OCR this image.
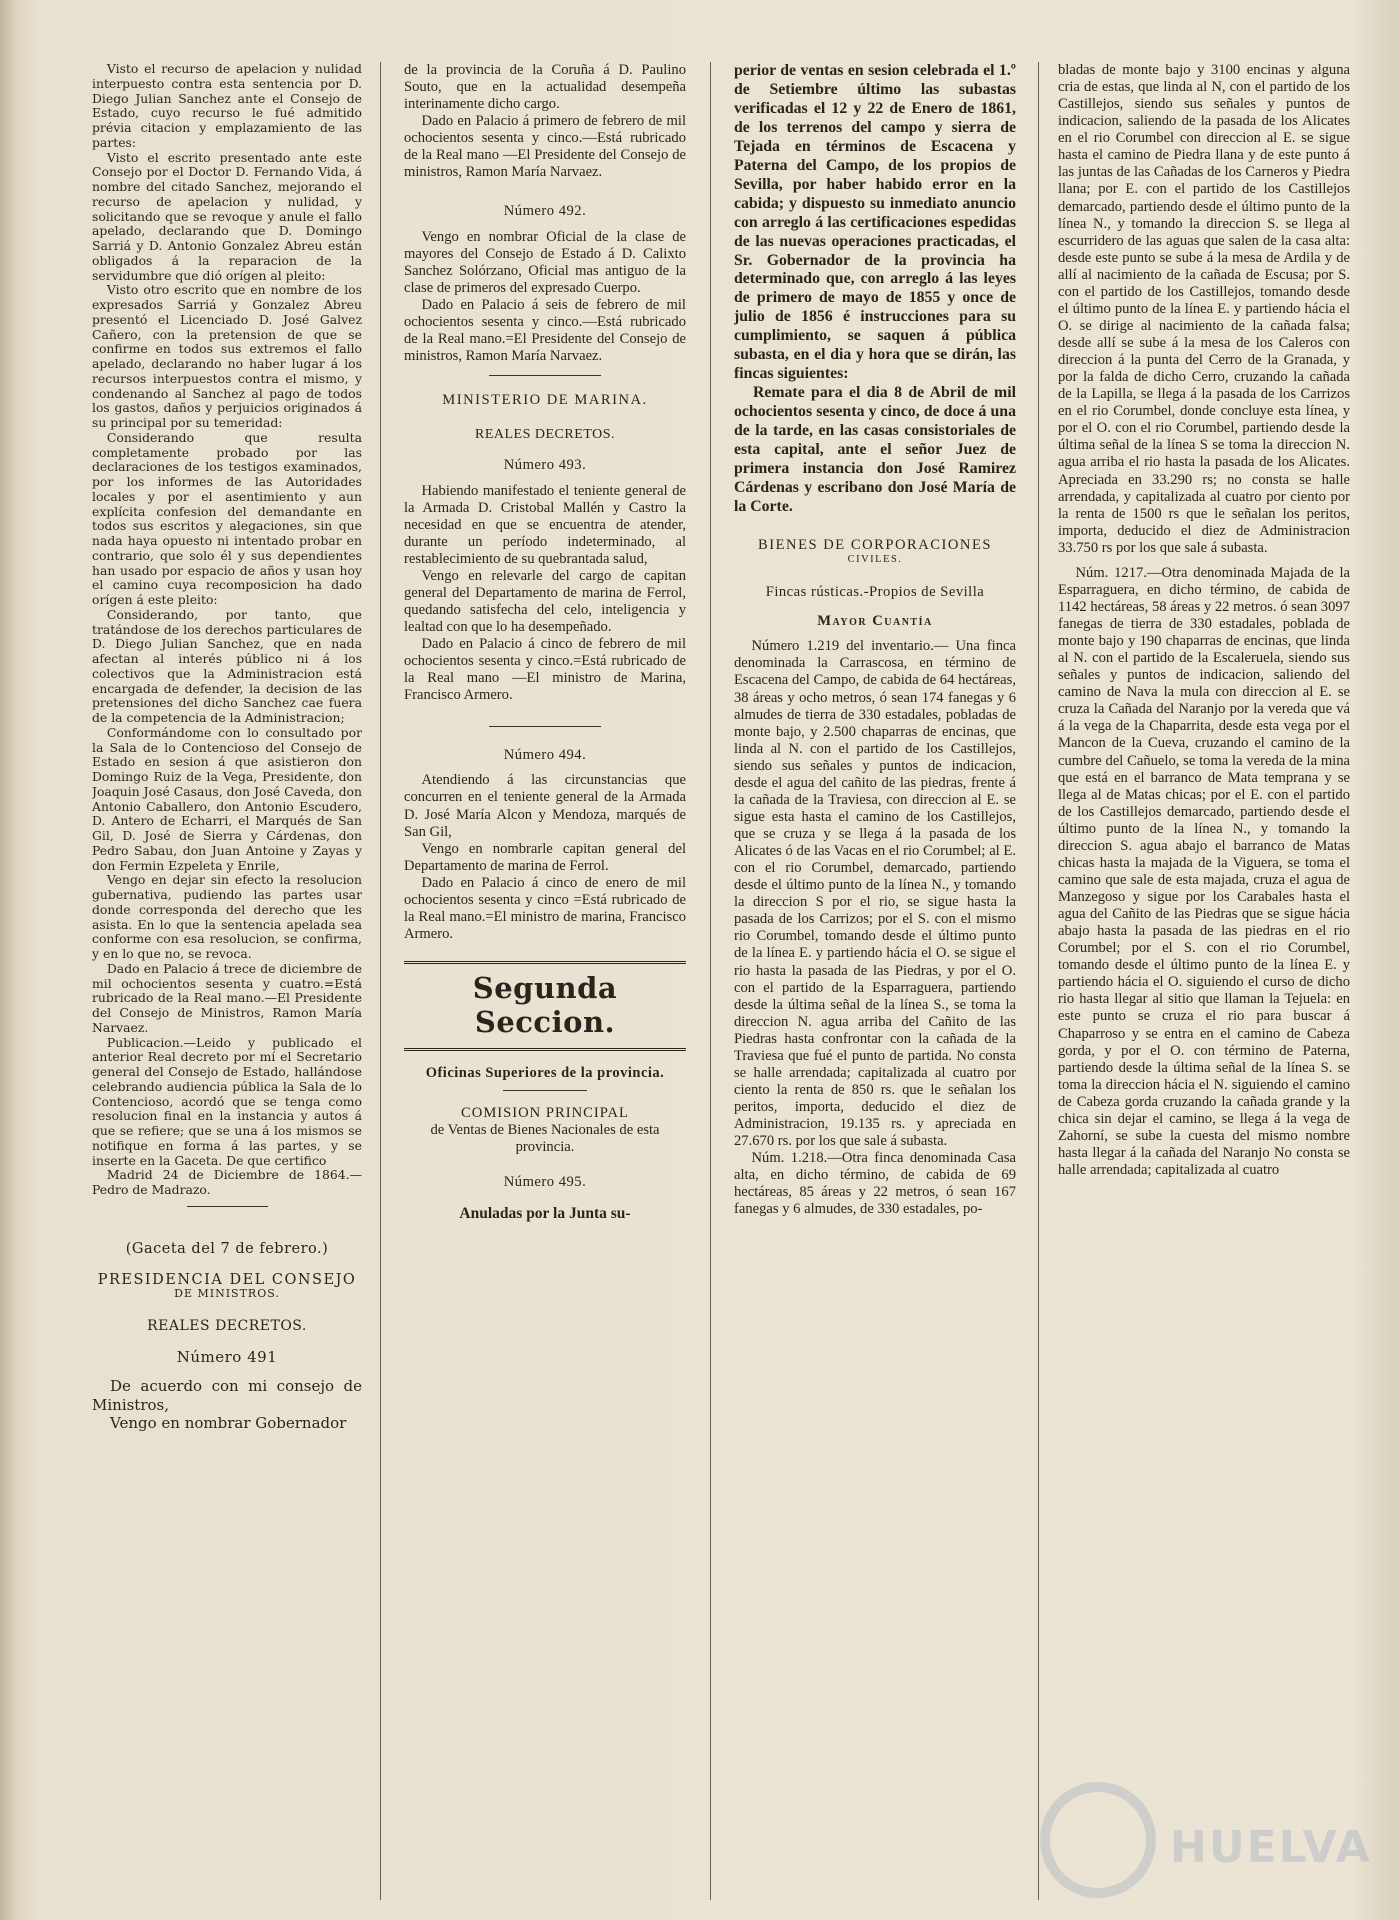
Visto el recurso de apelacion y nulidad interpuesto contra esta sentencia por D. Diego Julian Sanchez ante el Consejo de Estado, cuyo recurso le fué admitido prévia citacion y emplazamiento de las partes:

Visto el escrito presentado ante este Consejo por el Doctor D. Fernando Vida, á nombre del citado Sanchez, mejorando el recurso de apelacion y nulidad, y solicitando que se revoque y anule el fallo apelado, declarando que D. Domingo Sarriá y D. Antonio Gonzalez Abreu están obligados á la reparacion de la servidumbre que dió orígen al pleito:

Visto otro escrito que en nombre de los expresados Sarriá y Gonzalez Abreu presentó el Licenciado D. José Galvez Cañero, con la pretension de que se confirme en todos sus extremos el fallo apelado, declarando no haber lugar á los recursos interpuestos contra el mismo, y condenando al Sanchez al pago de todos los gastos, daños y perjuicios originados á su principal por su temeridad:

Considerando que resulta completamente probado por las declaraciones de los testigos examinados, por los informes de las Autoridades locales y por el asentimiento y aun explícita confesion del demandante en todos sus escritos y alegaciones, sin que nada haya opuesto ni intentado probar en contrario, que solo él y sus dependientes han usado por espacio de años y usan hoy el camino cuya recomposicion ha dado orígen á este pleito:

Considerando, por tanto, que tratándose de los derechos particulares de D. Diego Julian Sanchez, que en nada afectan al interés público ni á los colectivos que la Administracion está encargada de defender, la decision de las pretensiones del dicho Sanchez cae fuera de la competencia de la Administracion;

Conformándome con lo consultado por la Sala de lo Contencioso del Consejo de Estado en sesion á que asistieron don Domingo Ruiz de la Vega, Presidente, don Joaquin José Casaus, don José Caveda, don Antonio Caballero, don Antonio Escudero, D. Antero de Echarri, el Marqués de San Gil, D. José de Sierra y Cárdenas, don Pedro Sabau, don Juan Antoine y Zayas y don Fermin Ezpeleta y Enrile,

Vengo en dejar sin efecto la resolucion gubernativa, pudiendo las partes usar donde corresponda del derecho que les asista. En lo que la sentencia apelada sea conforme con esa resolucion, se confirma, y en lo que no, se revoca.

Dado en Palacio á trece de diciembre de mil ochocientos sesenta y cuatro.=Está rubricado de la Real mano.—El Presidente del Consejo de Ministros, Ramon María Narvaez.

Publicacion.—Leido y publicado el anterior Real decreto por mí el Secretario general del Consejo de Estado, hallándose celebrando audiencia pública la Sala de lo Contencioso, acordó que se tenga como resolucion final en la instancia y autos á que se refiere; que se una á los mismos se notifique en forma á las partes, y se inserte en la Gaceta. De que certifico

Madrid 24 de Diciembre de 1864.— Pedro de Madrazo.

(Gaceta del 7 de febrero.)

PRESIDENCIA DEL CONSEJO

DE MINISTROS.

REALES DECRETOS.

Número 491

De acuerdo con mi consejo de Ministros,

Vengo en nombrar Gobernador

de la provincia de la Coruña á D. Paulino Souto, que en la actualidad desempeña interinamente dicho cargo.

Dado en Palacio á primero de febrero de mil ochocientos sesenta y cinco.—Está rubricado de la Real mano —El Presidente del Consejo de ministros, Ramon María Narvaez.

Número 492.

Vengo en nombrar Oficial de la clase de mayores del Consejo de Estado á D. Calixto Sanchez Solórzano, Oficial mas antiguo de la clase de primeros del expresado Cuerpo.

Dado en Palacio á seis de febrero de mil ochocientos sesenta y cinco.—Está rubricado de la Real mano.=El Presidente del Consejo de ministros, Ramon María Narvaez.

MINISTERIO DE MARINA.

REALES DECRETOS.

Número 493.

Habiendo manifestado el teniente general de la Armada D. Cristobal Mallén y Castro la necesidad en que se encuentra de atender, durante un período indeterminado, al restablecimiento de su quebrantada salud,

Vengo en relevarle del cargo de capitan general del Departamento de marina de Ferrol, quedando satisfecha del celo, inteligencia y lealtad con que lo ha desempeñado.

Dado en Palacio á cinco de febrero de mil ochocientos sesenta y cinco.=Está rubricado de la Real mano —El ministro de Marina, Francisco Armero.

Número 494.

Atendiendo á las circunstancias que concurren en el teniente general de la Armada D. José María Alcon y Mendoza, marqués de San Gil,

Vengo en nombrarle capitan general del Departamento de marina de Ferrol.

Dado en Palacio á cinco de enero de mil ochocientos sesenta y cinco =Está rubricado de la Real mano.=El ministro de marina, Francisco Armero.

Segunda Seccion.

Oficinas Superiores de la provincia.

COMISION PRINCIPAL

de Ventas de Bienes Nacionales de esta provincia.

Número 495.

Anuladas por la Junta su-

perior de ventas en sesion celebrada el 1.º de Setiembre último las subastas verificadas el 12 y 22 de Enero de 1861, de los terrenos del campo y sierra de Tejada en términos de Escacena y Paterna del Campo, de los propios de Sevilla, por haber habido error en la cabida; y dispuesto su inmediato anuncio con arreglo á las certificaciones espedidas de las nuevas operaciones practicadas, el Sr. Gobernador de la provincia ha determinado que, con arreglo á las leyes de primero de mayo de 1855 y once de julio de 1856 é instrucciones para su cumplimiento, se saquen á pública subasta, en el dia y hora que se dirán, las fincas siguientes:

Remate para el dia 8 de Abril de mil ochocientos sesenta y cinco, de doce á una de la tarde, en las casas consistoriales de esta capital, ante el señor Juez de primera instancia don José Ramirez Cárdenas y escribano don José María de la Corte.

BIENES DE CORPORACIONES

CIVILES.

Fincas rústicas.-Propios de Sevilla

Mayor Cuantía

Número 1.219 del inventario.— Una finca denominada la Carrascosa, en término de Escacena del Campo, de cabida de 64 hectáreas, 38 áreas y ocho metros, ó sean 174 fanegas y 6 almudes de tierra de 330 estadales, pobladas de monte bajo, y 2.500 chaparras de encinas, que linda al N. con el partido de los Castillejos, siendo sus señales y puntos de indicacion, desde el agua del cañito de las piedras, frente á la cañada de la Traviesa, con direccion al E. se sigue esta hasta el camino de los Castillejos, que se cruza y se llega á la pasada de los Alicates ó de las Vacas en el rio Corumbel; al E. con el rio Corumbel, demarcado, partiendo desde el último punto de la línea N., y tomando la direccion S por el rio, se sigue hasta la pasada de los Carrizos; por el S. con el mismo rio Corumbel, tomando desde el último punto de la línea E. y partiendo hácia el O. se sigue el rio hasta la pasada de las Piedras, y por el O. con el partido de la Esparraguera, partiendo desde la última señal de la línea S., se toma la direccion N. agua arriba del Cañito de las Piedras hasta confrontar con la cañada de la Traviesa que fué el punto de partida. No consta se halle arrendada; capitalizada al cuatro por ciento la renta de 850 rs. que le señalan los peritos, importa, deducido el diez de Administracion, 19.135 rs. y apreciada en 27.670 rs. por los que sale á subasta.

Núm. 1.218.—Otra finca denominada Casa alta, en dicho término, de cabida de 69 hectáreas, 85 áreas y 22 metros, ó sean 167 fanegas y 6 almudes, de 330 estadales, po-

bladas de monte bajo y 3100 encinas y alguna cria de estas, que linda al N, con el partido de los Castillejos, siendo sus señales y puntos de indicacion, saliendo de la pasada de los Alicates en el rio Corumbel con direccion al E. se sigue hasta el camino de Piedra llana y de este punto á las juntas de las Cañadas de los Carneros y Piedra llana; por E. con el partido de los Castillejos demarcado, partiendo desde el último punto de la línea N., y tomando la direccion S. se llega al escurridero de las aguas que salen de la casa alta: desde este punto se sube á la mesa de Ardila y de allí al nacimiento de la cañada de Escusa; por S. con el partido de los Castillejos, tomando desde el último punto de la línea E. y partiendo hácia el O. se dirige al nacimiento de la cañada falsa; desde allí se sube á la mesa de los Caleros con direccion á la punta del Cerro de la Granada, y por la falda de dicho Cerro, cruzando la cañada de la Lapilla, se llega á la pasada de los Carrizos en el rio Corumbel, donde concluye esta línea, y por el O. con el rio Corumbel, partiendo desde la última señal de la línea S se toma la direccion N. agua arriba el rio hasta la pasada de los Alicates. Apreciada en 33.290 rs; no consta se halle arrendada, y capitalizada al cuatro por ciento por la renta de 1500 rs que le señalan los peritos, importa, deducido el diez de Administracion 33.750 rs por los que sale á subasta.

Núm. 1217.—Otra denominada Majada de la Esparraguera, en dicho término, de cabida de 1142 hectáreas, 58 áreas y 22 metros. ó sean 3097 fanegas de tierra de 330 estadales, poblada de monte bajo y 190 chaparras de encinas, que linda al N. con el partido de la Escaleruela, siendo sus señales y puntos de indicacion, saliendo del camino de Nava la mula con direccion al E. se cruza la Cañada del Naranjo por la vereda que vá á la vega de la Chaparrita, desde esta vega por el Mancon de la Cueva, cruzando el camino de la cumbre del Cañuelo, se toma la vereda de la mina que está en el barranco de Mata temprana y se llega al de Matas chicas; por el E. con el partido de los Castillejos demarcado, partiendo desde el último punto de la línea N., y tomando la direccion S. agua abajo el barranco de Matas chicas hasta la majada de la Viguera, se toma el camino que sale de esta majada, cruza el agua de Manzegoso y sigue por los Carabales hasta el agua del Cañito de las Piedras que se sigue hácia abajo hasta la pasada de las piedras en el rio Corumbel; por el S. con el rio Corumbel, tomando desde el último punto de la línea E. y partiendo hácia el O. siguiendo el curso de dicho rio hasta llegar al sitio que llaman la Tejuela: en este punto se cruza el rio para buscar á Chaparroso y se entra en el camino de Cabeza gorda, y por el O. con término de Paterna, partiendo desde la última señal de la línea S. se toma la direccion hácia el N. siguiendo el camino de Cabeza gorda cruzando la cañada grande y la chica sin dejar el camino, se llega á la vega de Zahorní, se sube la cuesta del mismo nombre hasta llegar á la cañada del Naranjo No consta se halle arrendada; capitalizada al cuatro

HUELVA
